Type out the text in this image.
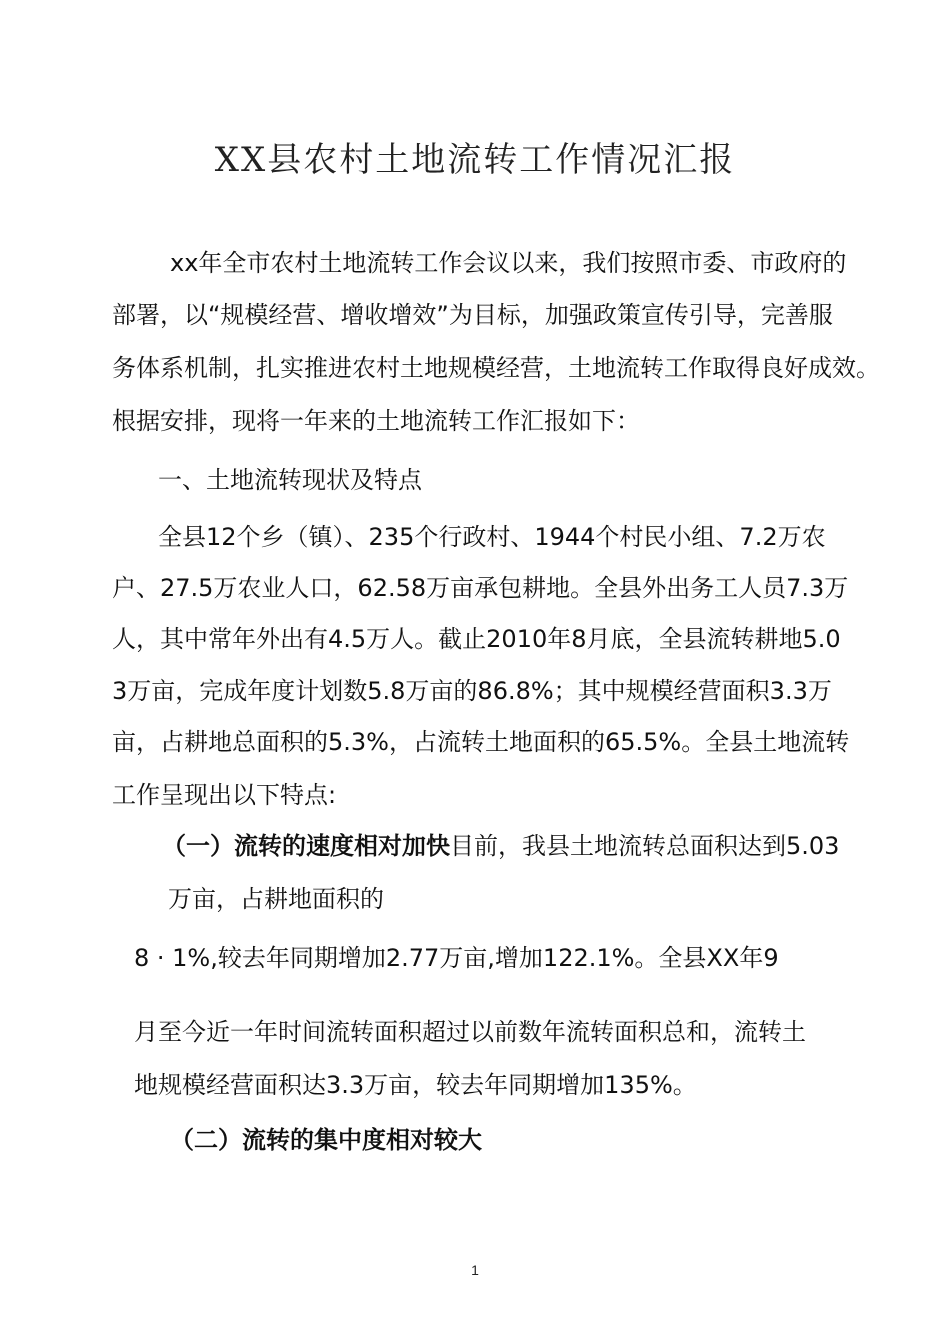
XX县农村土地流转工作情况汇报
xx年全市农村土地流转工作会议以来，我们按照市委、市政府的
部署，以“规模经营、增收增效”为目标，加强政策宣传引导，完善服
务体系机制，扎实推进农村土地规模经营，土地流转工作取得良好成效。
根据安排，现将一年来的土地流转工作汇报如下：
一、土地流转现状及特点
全县12个乡（镇）、235个行政村、1944个村民小组、7.2万农
户、27.5万农业人口，62.58万亩承包耕地。全县外出务工人员7.3万
人，其中常年外出有4.5万人。截止2010年8月底，全县流转耕地5.0
3万亩，完成年度计划数5.8万亩的86.8%；其中规模经营面积3.3万
亩，占耕地总面积的5.3%，占流转土地面积的65.5%。全县土地流转
工作呈现出以下特点:
（一）流转的速度相对加快目前，我县土地流转总面积达到5.03
万亩，占耕地面积的
8 · 1%,较去年同期增加2.77万亩,增加122.1%。全县XX年9
月至今近一年时间流转面积超过以前数年流转面积总和，流转土
地规模经营面积达3.3万亩，较去年同期增加135%。
（二）流转的集中度相对较大
1
